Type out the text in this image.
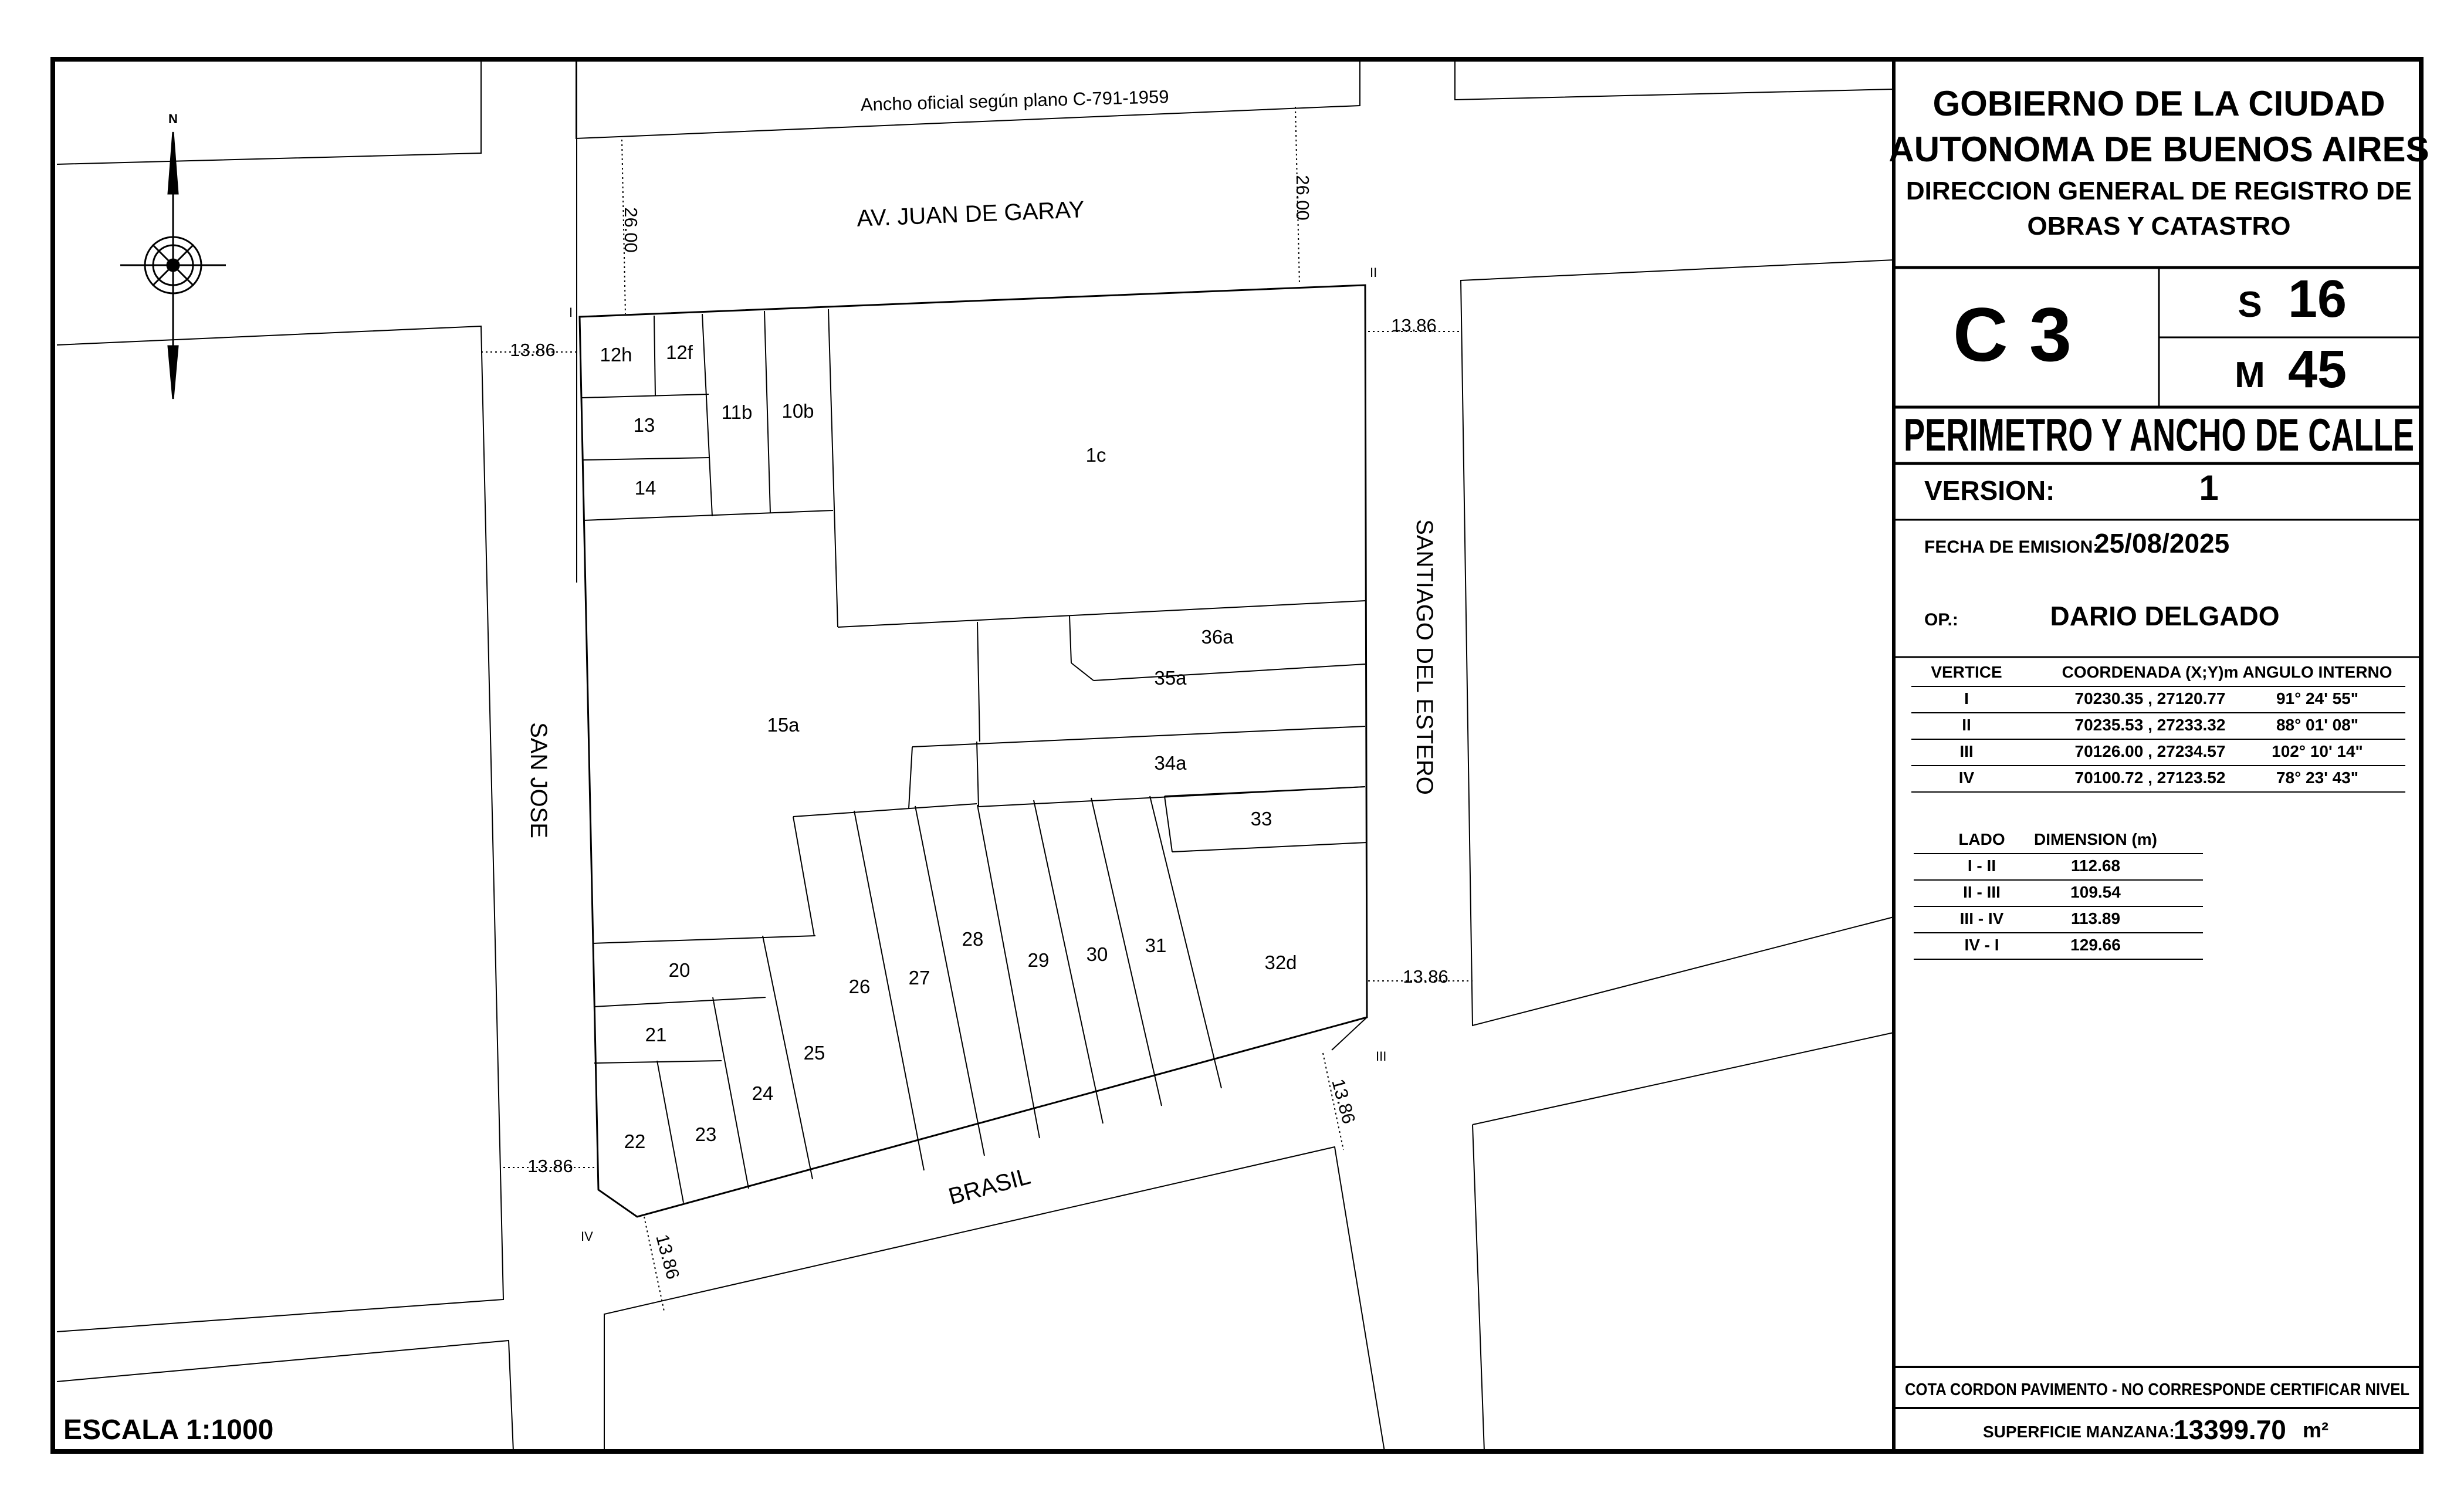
N
ESCALA 1:1000
Ancho oficial según plano C-791-1959
AV. JUAN DE GARAY
SANTIAGO DEL ESTERO
BRASIL
SAN JOSE
26.00
26.00
13.86
13.86
13.86
13.86
13.86
13.86
I
II
III
IV
12h 12f
11b 10b
13
14
1c
36a
35a
15a
34a
33
20
26 27
28
29 30 31
32d
21
25
24
22	23
GOBIERNO DE LA CIUDAD
AUTONOMA DE BUENOS AIRES
DIRECCION GENERAL DE REGISTRO DE
OBRAS Y CATASTRO
C 3	S 16
M 45
PERIMETRO Y ANCHO DE CALLE
VERSION:	1
FECHA DE EMISION:
25/08/2025
OP.:	DARIO DELGADO
VERTICE	COORDENADA (X;Y)m ANGULO INTERNO
I	70230.35 , 27120.77	91° 24' 55"
II	70235.53 , 27233.32	88° 01' 08"
III	70126.00 , 27234.57	102° 10' 14"
IV	70100.72 , 27123.52	78° 23' 43"
LADO DIMENSION (m)
I - II	112.68
II - III	109.54
III - IV	113.89
IV - I	129.66
COTA CORDON PAVIMENTO - NO CORRESPONDE CERTIFICAR NIVEL
SUPERFICIE MANZANA:
13399.70 m²
